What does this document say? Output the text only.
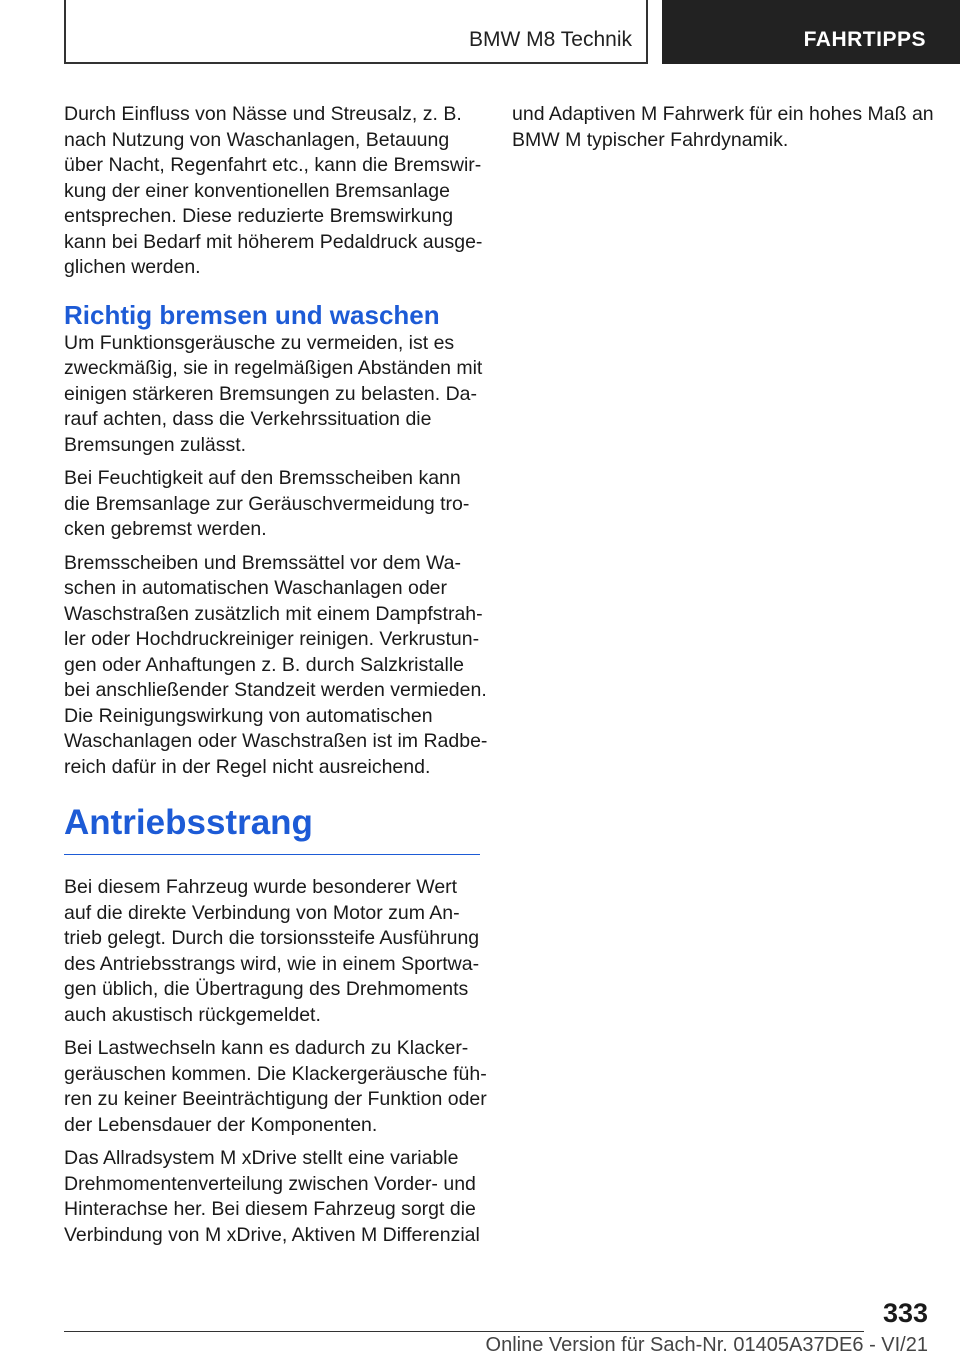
BMW M8 Technik	FAHRTIPPS

Durch Einfluss von Nässe und Streusalz, z. B.
nach Nutzung von Waschanlagen, Betauung
über Nacht, Regenfahrt etc., kann die Bremswir-
kung der einer konventionellen Bremsanlage
entsprechen. Diese reduzierte Bremswirkung
kann bei Bedarf mit höherem Pedaldruck ausge-
glichen werden.

Richtig bremsen und waschen

Um Funktionsgeräusche zu vermeiden, ist es
zweckmäßig, sie in regelmäßigen Abständen mit
einigen stärkeren Bremsungen zu belasten. Da-
rauf achten, dass die Verkehrssituation die
Bremsungen zulässt.

Bei Feuchtigkeit auf den Bremsscheiben kann
die Bremsanlage zur Geräuschvermeidung tro-
cken gebremst werden.

Bremsscheiben und Bremssättel vor dem Wa-
schen in automatischen Waschanlagen oder
Waschstraßen zusätzlich mit einem Dampfstrah-
ler oder Hochdruckreiniger reinigen. Verkrustun-
gen oder Anhaftungen z. B. durch Salzkristalle
bei anschließender Standzeit werden vermieden.
Die Reinigungswirkung von automatischen
Waschanlagen oder Waschstraßen ist im Radbe-
reich dafür in der Regel nicht ausreichend.

Antriebsstrang

Bei diesem Fahrzeug wurde besonderer Wert
auf die direkte Verbindung von Motor zum An-
trieb gelegt. Durch die torsionssteife Ausführung
des Antriebsstrangs wird, wie in einem Sportwa-
gen üblich, die Übertragung des Drehmoments
auch akustisch rückgemeldet.

Bei Lastwechseln kann es dadurch zu Klacker-
geräuschen kommen. Die Klackergeräusche füh-
ren zu keiner Beeinträchtigung der Funktion oder
der Lebensdauer der Komponenten.

Das Allradsystem M xDrive stellt eine variable
Drehmomentenverteilung zwischen Vorder- und
Hinterachse her. Bei diesem Fahrzeug sorgt die
Verbindung von M xDrive, Aktiven M Differenzial

und Adaptiven M Fahrwerk für ein hohes Maß an
BMW M typischer Fahrdynamik.

333
Online Version für Sach-Nr. 01405A37DE6 - VI/21
